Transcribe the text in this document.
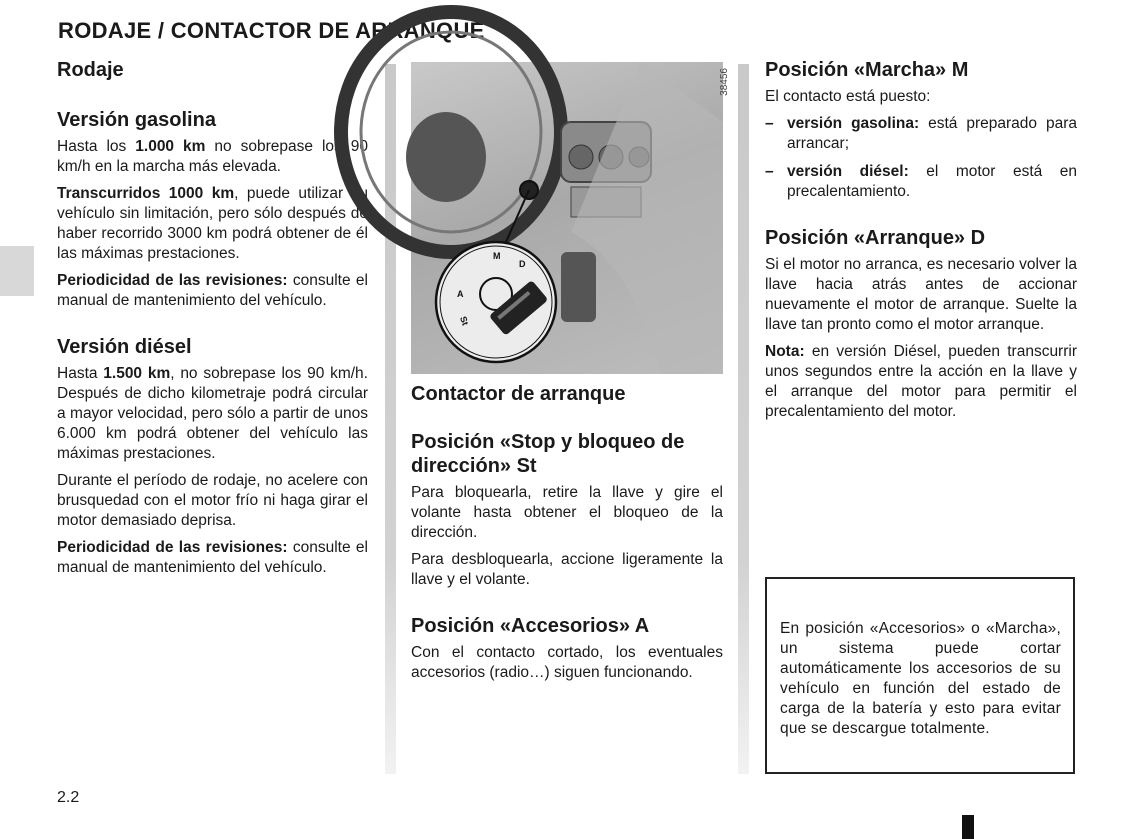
RODAJE / CONTACTOR DE ARRANQUE
Rodaje
Versión gasolina

Hasta los 1.000 km no sobrepase los 90 km/h en la marcha más elevada.

Transcurridos 1000 km, puede utilizar su vehículo sin limitación, pero sólo después de haber recorrido 3000 km podrá obtener de él las máximas prestaciones.

Periodicidad de las revisiones: consulte el manual de mantenimiento del vehículo.

Versión diésel

Hasta 1.500 km, no sobrepase los 90 km/h. Después de dicho kilometraje podrá circular a mayor velocidad, pero sólo a partir de unos 6.000 km podrá obtener del vehículo las máximas prestaciones.

Durante el período de rodaje, no acelere con brusquedad con el motor frío ni haga girar el motor demasiado deprisa.

Periodicidad de las revisiones: consulte el manual de mantenimiento del vehículo.

M
D
A
St
38456
Contactor de arranque
Posición «Stop y bloqueo de dirección» St

Para bloquearla, retire la llave y gire el volante hasta obtener el bloqueo de la dirección.

Para desbloquearla, accione ligeramente la llave y el volante.

Posición «Accesorios» A

Con el contacto cortado, los eventuales accesorios (radio…) siguen funcionando.

Posición «Marcha» M

El contacto está puesto:

– versión gasolina: está preparado para arrancar;
– versión diésel: el motor está en precalentamiento.
Posición «Arranque» D

Si el motor no arranca, es necesario volver la llave hacia atrás antes de accionar nuevamente el motor de arranque. Suelte la llave tan pronto como el motor arranque.

Nota: en versión Diésel, pueden transcurrir unos segundos entre la acción en la llave y el arranque del motor para permitir el precalentamiento del motor.

En posición «Accesorios» o «Marcha», un sistema puede cortar automáticamente los accesorios de su vehículo en función del estado de carga de la batería y esto para evitar que se descargue totalmente.

2.2
